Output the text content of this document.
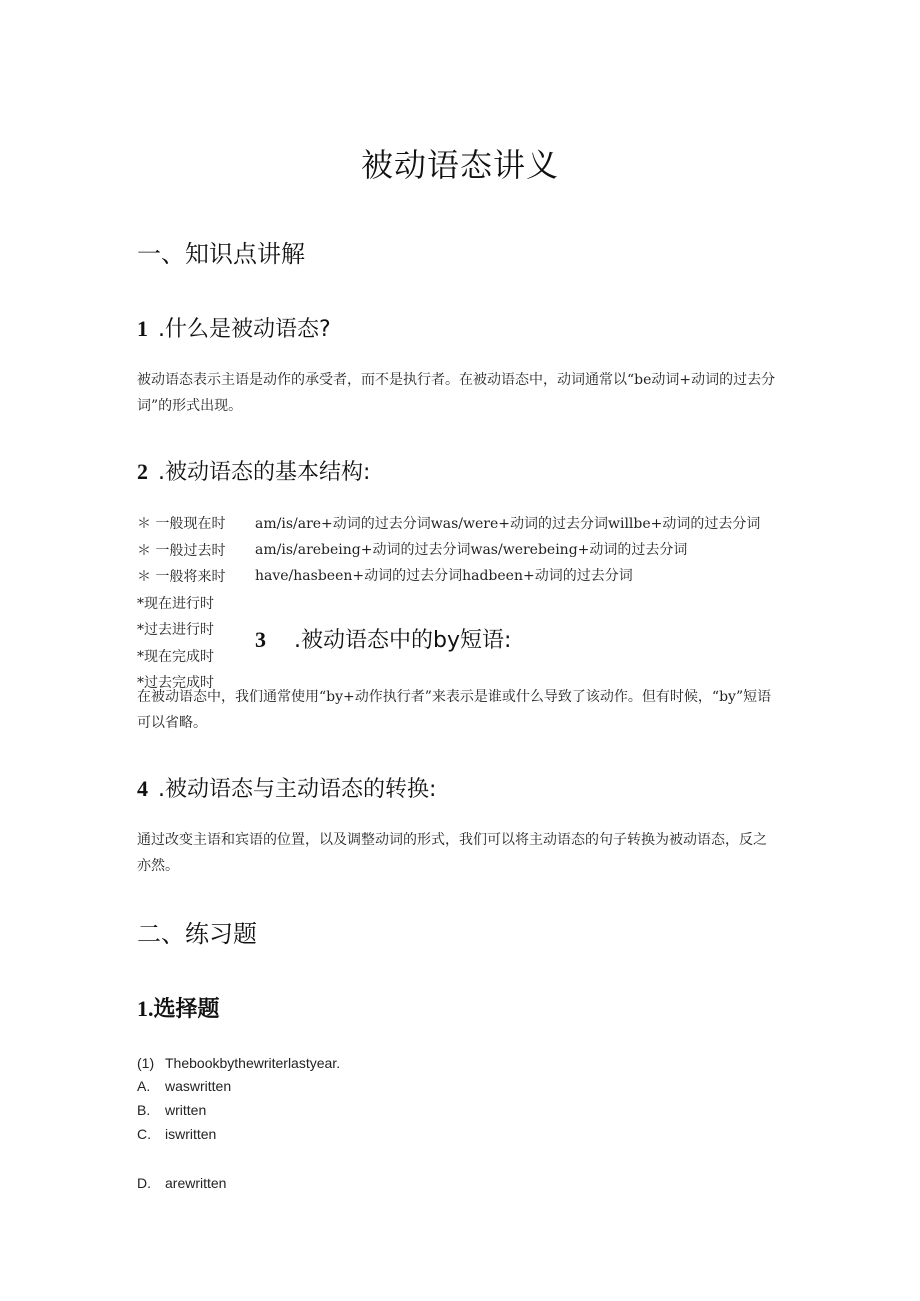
被动语态讲义
一、知识点讲解
1 .什么是被动语态?
被动语态表示主语是动作的承受者，而不是执行者。在被动语态中，动词通常以“be动词+动词的过去分词”的形式出现。
2 .被动语态的基本结构:
＊ 一般现在时
＊ 一般过去时
＊ 一般将来时
*现在进行时
*过去进行时
*现在完成时
*过去完成时
am/is/are+动词的过去分词was/were+动词的过去分词willbe+动词的过去分词am/is/arebeing+动词的过去分词was/werebeing+动词的过去分词have/hasbeen+动词的过去分词hadbeen+动词的过去分词
3 .被动语态中的by短语:
在被动语态中，我们通常使用“by+动作执行者”来表示是谁或什么导致了该动作。但有时候，“by”短语可以省略。
4 .被动语态与主动语态的转换:
通过改变主语和宾语的位置，以及调整动词的形式，我们可以将主动语态的句子转换为被动语态，反之亦然。
二、练习题
1.选择题
(1) Thebookbythewriterlastyear.
A. waswritten
B. written
C. iswritten
D. arewritten
